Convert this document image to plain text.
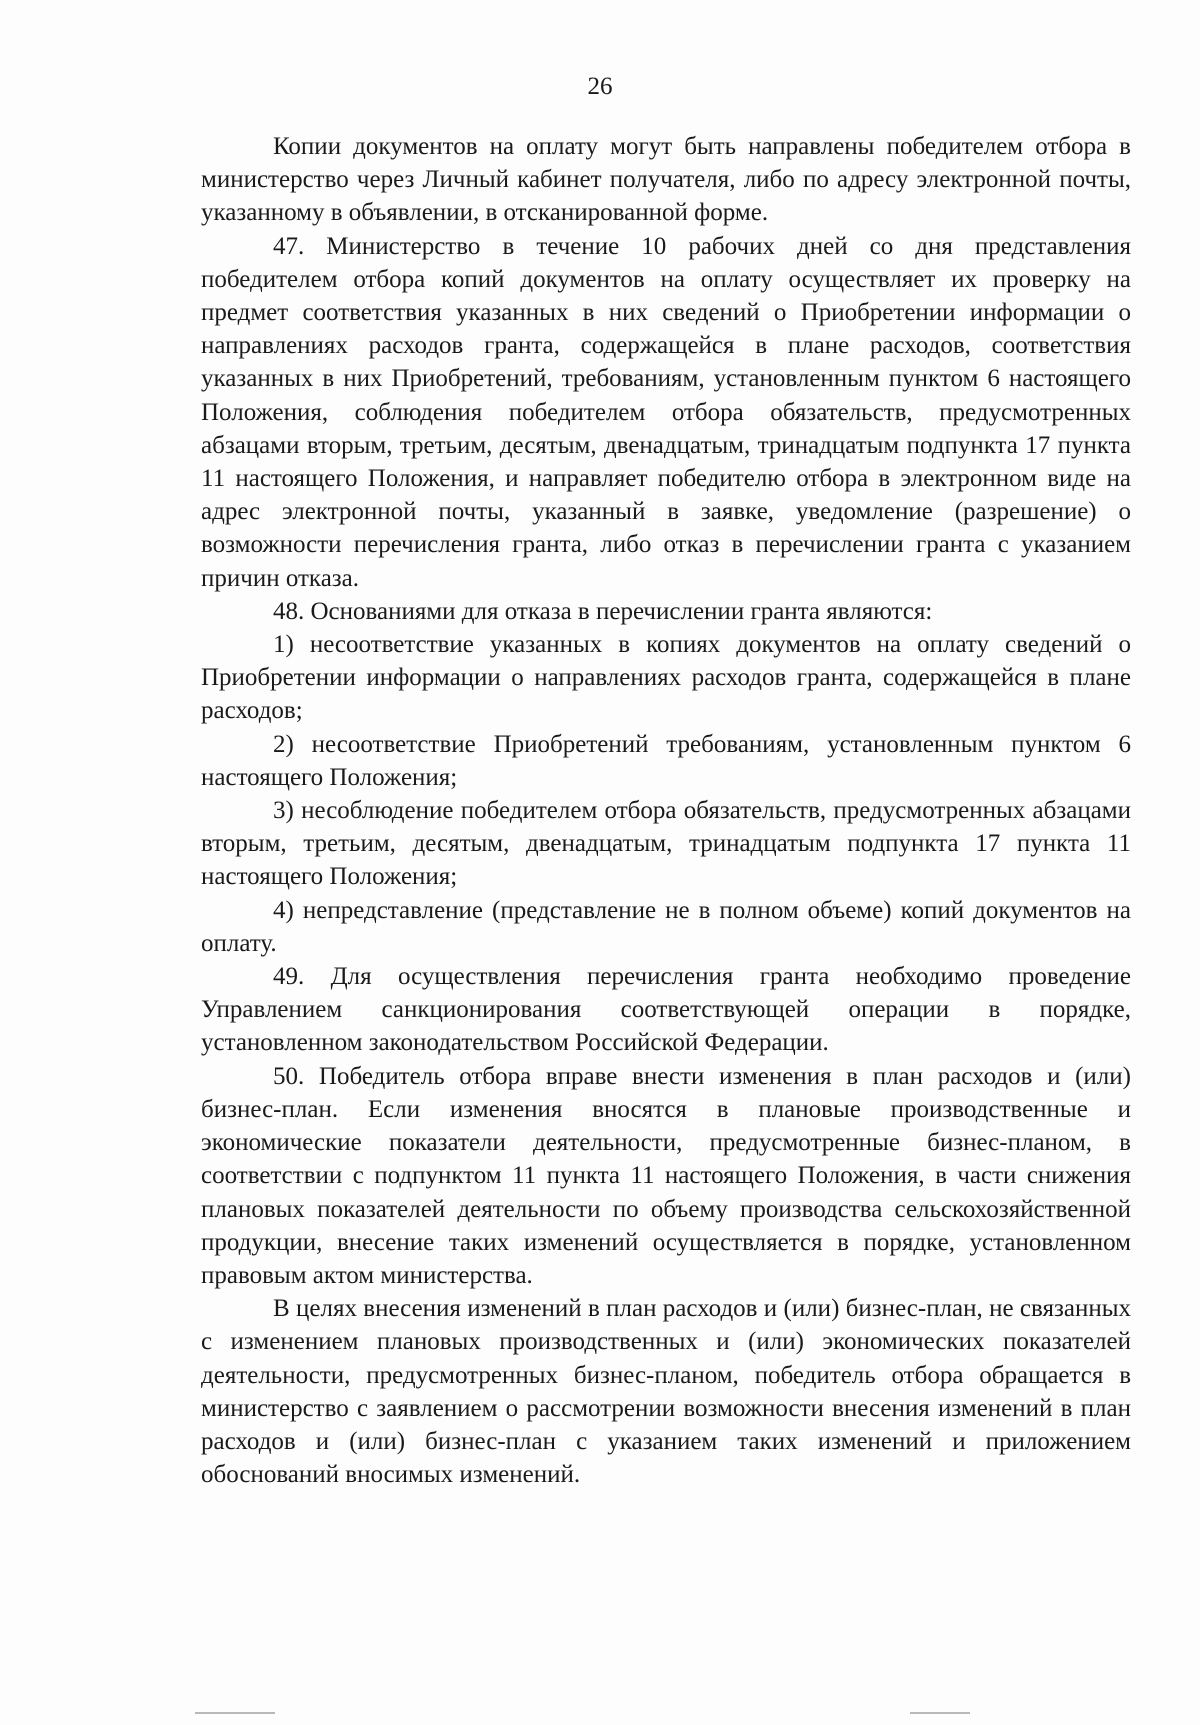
26

Копии документов на оплату могут быть направлены победителем отбора в министерство через Личный кабинет получателя, либо по адресу электронной почты, указанному в объявлении, в отсканированной форме.

47. Министерство в течение 10 рабочих дней со дня представления победителем отбора копий документов на оплату осуществляет их проверку на предмет соответствия указанных в них сведений о Приобретении информации о направлениях расходов гранта, содержащейся в плане расходов, соответствия указанных в них Приобретений, требованиям, установленным пунктом 6 настоящего Положения, соблюдения победителем отбора обязательств, предусмотренных абзацами вторым, третьим, десятым, двенадцатым, тринадцатым подпункта 17 пункта 11 настоящего Положения, и направляет победителю отбора в электронном виде на адрес электронной почты, указанный в заявке, уведомление (разрешение) о возможности перечисления гранта, либо отказ в перечислении гранта с указанием причин отказа.

48. Основаниями для отказа в перечислении гранта являются:

1) несоответствие указанных в копиях документов на оплату сведений о Приобретении информации о направлениях расходов гранта, содержащейся в плане расходов;

2) несоответствие Приобретений требованиям, установленным пунктом 6 настоящего Положения;

3) несоблюдение победителем отбора обязательств, предусмотренных абзацами вторым, третьим, десятым, двенадцатым, тринадцатым подпункта 17 пункта 11 настоящего Положения;

4) непредставление (представление не в полном объеме) копий документов на оплату.

49. Для осуществления перечисления гранта необходимо проведение Управлением санкционирования соответствующей операции в порядке, установленном законодательством Российской Федерации.

50. Победитель отбора вправе внести изменения в план расходов и (или) бизнес-план. Если изменения вносятся в плановые производственные и экономические показатели деятельности, предусмотренные бизнес-планом, в соответствии с подпунктом 11 пункта 11 настоящего Положения, в части снижения плановых показателей деятельности по объему производства сельскохозяйственной продукции, внесение таких изменений осуществляется в порядке, установленном правовым актом министерства.

В целях внесения изменений в план расходов и (или) бизнес-план, не связанных с изменением плановых производственных и (или) экономических показателей деятельности, предусмотренных бизнес-планом, победитель отбора обращается в министерство с заявлением о рассмотрении возможности внесения изменений в план расходов и (или) бизнес-план с указанием таких изменений и приложением обоснований вносимых изменений.
